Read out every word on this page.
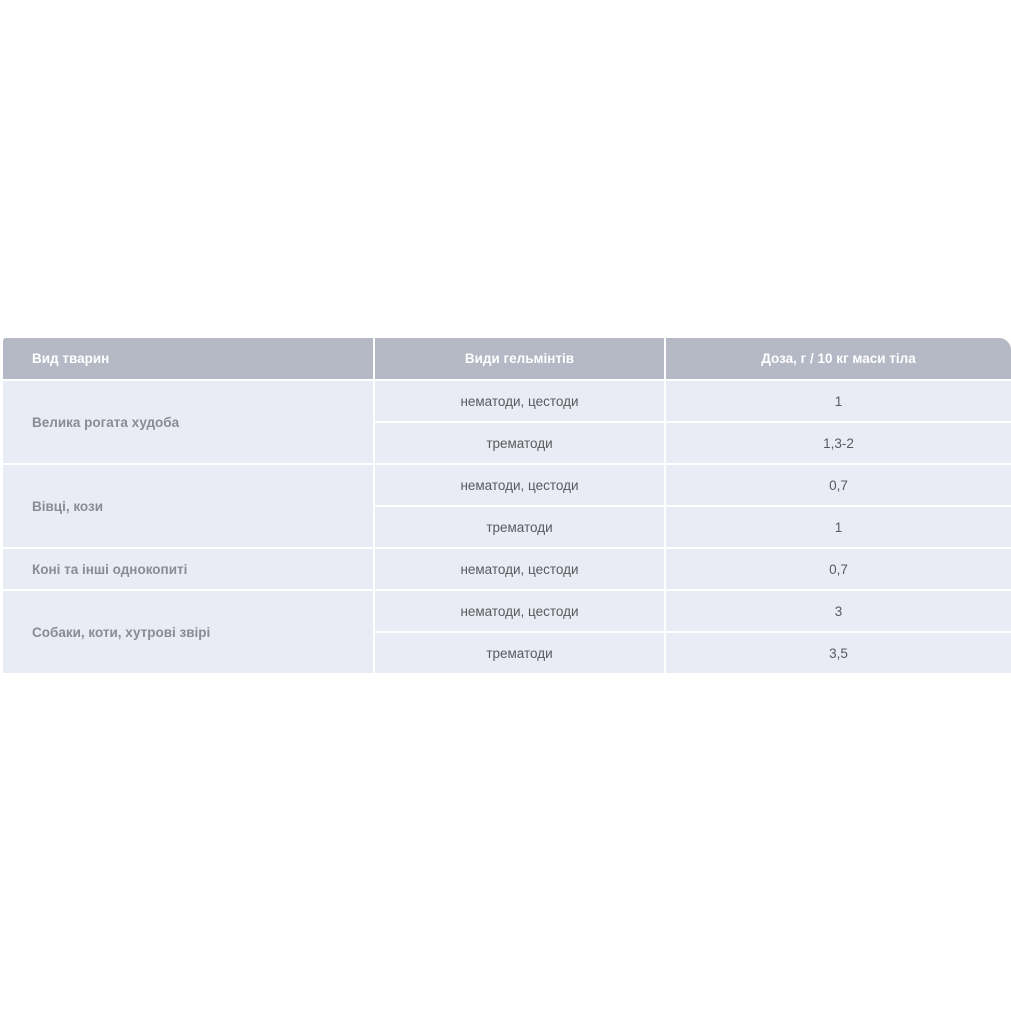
Вид тварин	Види гельмінтів	Доза, г / 10 кг маси тіла
Велика рогата худоба	нематоди, цестоди	1
	трематоди	1,3-2
Вівці, кози	нематоди, цестоди	0,7
	трематоди	1
Коні та інші однокопиті	нематоди, цестоди	0,7
Собаки, коти, хутрові звірі	нематоди, цестоди	3
	трематоди	3,5
